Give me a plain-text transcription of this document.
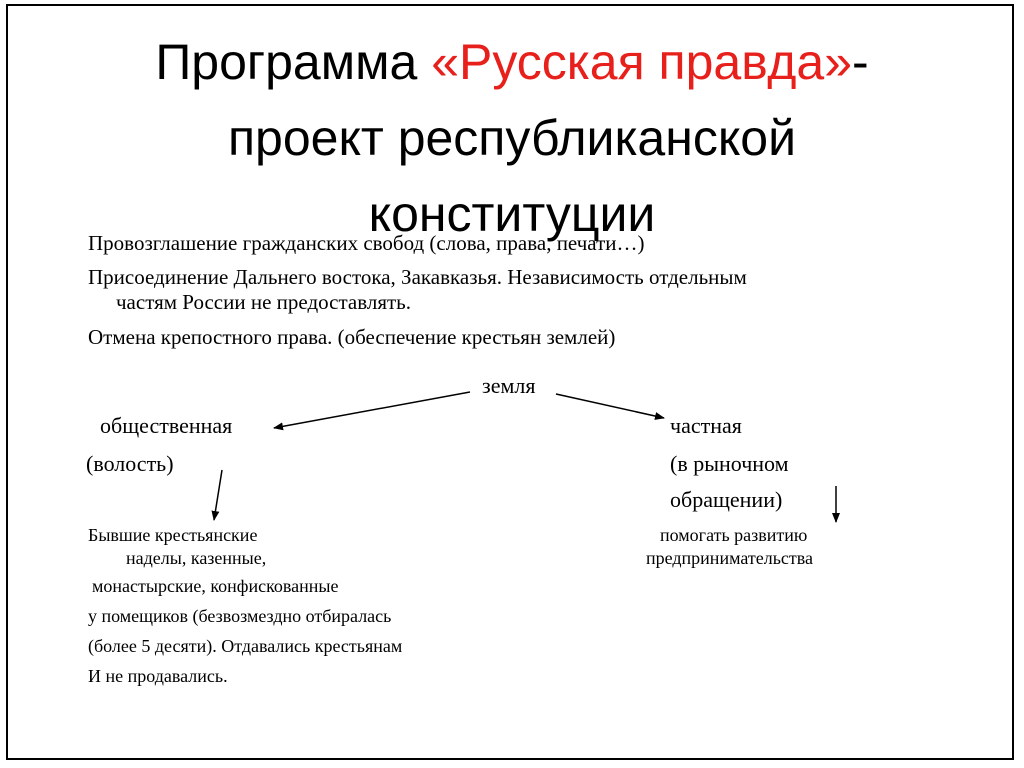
Программа «Русская правда»-
проект республиканской
конституции
Провозглашение гражданских свобод (слова, права, печати…)
Присоединение Дальнего востока, Закавказья. Независимость отдельным
частям России не предоставлять.
Отмена крепостного права. (обеспечение крестьян землей)
земля
общественная
(волость)
частная
(в рыночном
обращении)
Бывшие крестьянские
наделы, казенные,
монастырские, конфискованные
у помещиков (безвозмездно отбиралась
(более 5 десяти). Отдавались крестьянам
И не продавались.
помогать развитию
предпринимательства
